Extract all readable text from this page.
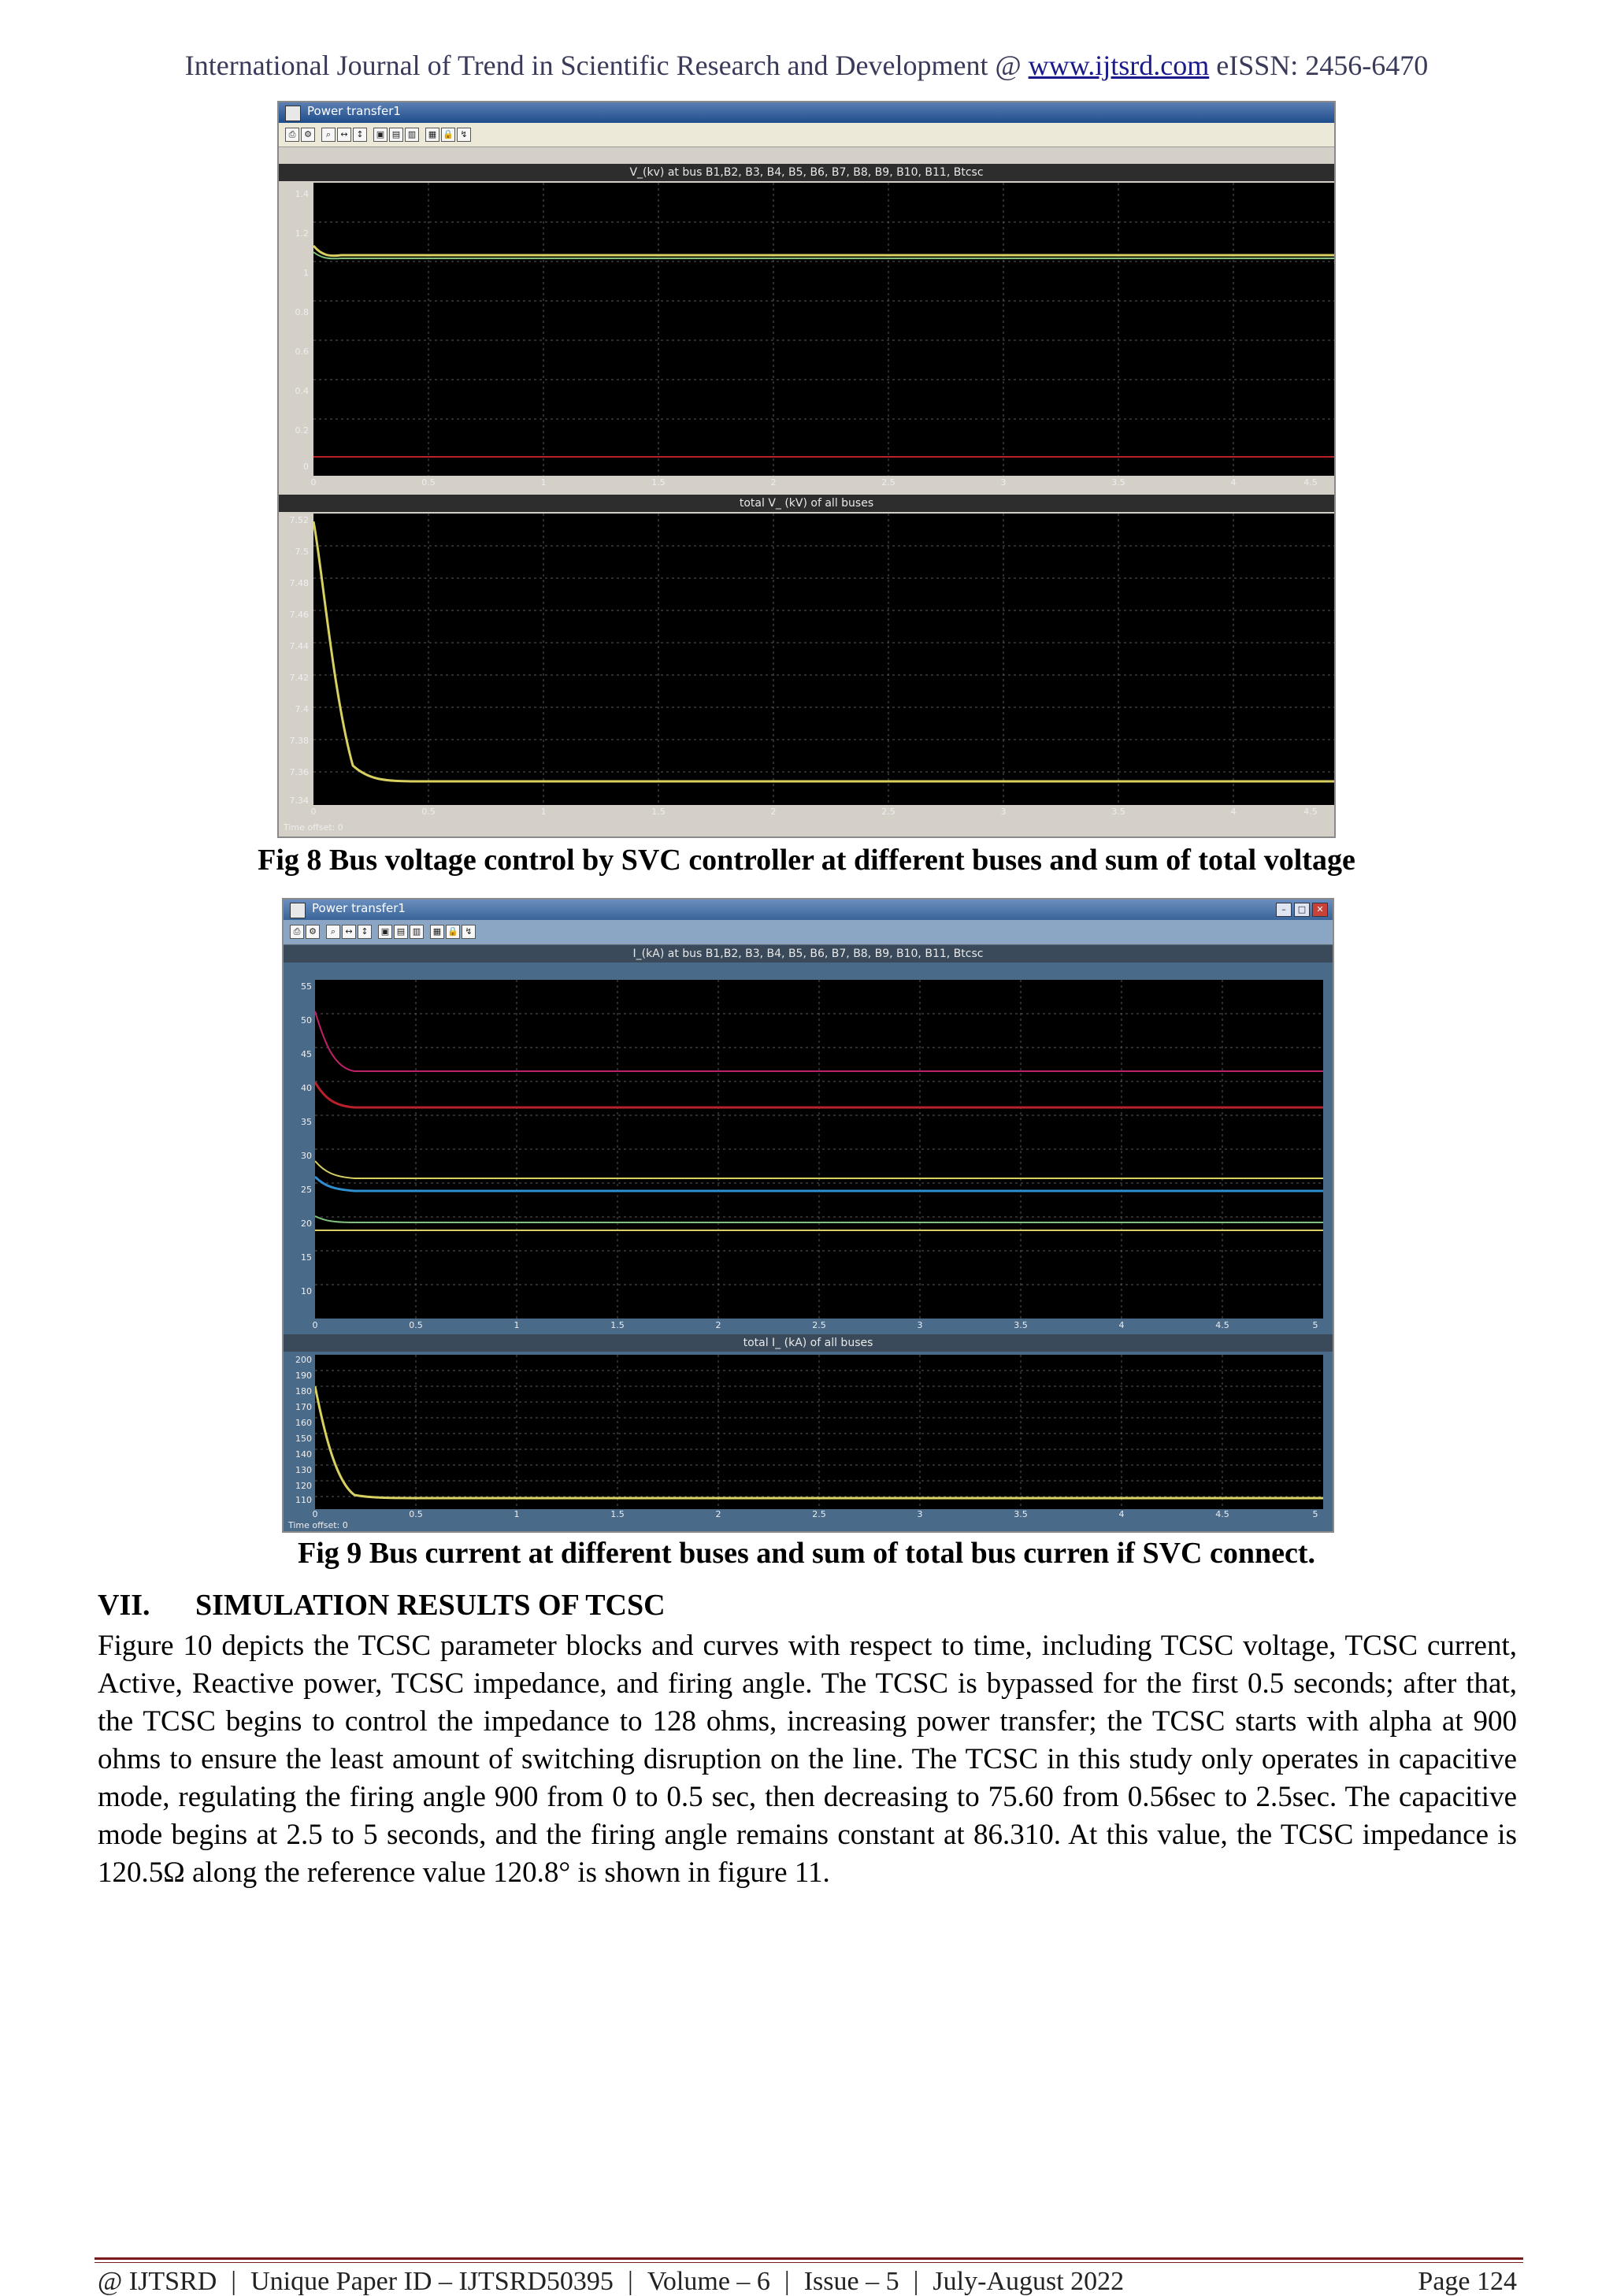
International Journal of Trend in Scientific Research and Development @ www.ijtsrd.com eISSN: 2456-6470
Power transfer1
⎙ ⚙	⌕	↔ ↕	▣ ▤ ▥	▦ 🔒 ↯
V_(kv) at bus B1,B2, B3, B4, B5, B6, B7, B8, B9, B10, B11, Btcsc
1.4
1.2
1
0.8
0.6
0.4
0.2
0
0	0.5	1	1.5	2	2.5	3	3.5	4	4.5
total V_ (kV) of all buses
7.52
7.5
7.48
7.46
7.44
7.42
7.4
7.38
7.36
7.34
0	0.5	1	1.5	2	2.5	3	3.5	4	4.5
Time offset: 0
Fig 8 Bus voltage control by SVC controller at different buses and sum of total voltage
Power transfer1	– □ ✕
⎙ ⚙	⌕	↔ ↕	▣ ▤ ▥	▦ 🔒 ↯
I_(kA) at bus B1,B2, B3, B4, B5, B6, B7, B8, B9, B10, B11, Btcsc
55
50
45
40
35
30
25
20
15
10
0	0.5	1	1.5	2	2.5	3	3.5	4	4.5	5
total I_ (kA) of all buses
200
190
180
170
160
150
140
130
120
110
0	0.5	1	1.5	2	2.5	3	3.5	4	4.5	5
Time offset: 0
Fig 9 Bus current at different buses and sum of total bus curren if SVC connect.
VII. SIMULATION RESULTS OF TCSC
Figure 10 depicts the TCSC parameter blocks and curves with respect to time, including TCSC voltage, TCSC current, Active, Reactive power, TCSC impedance, and firing angle. The TCSC is bypassed for the first 0.5 seconds; after that, the TCSC begins to control the impedance to 128 ohms, increasing power transfer; the TCSC starts with alpha at 900 ohms to ensure the least amount of switching disruption on the line. The TCSC in this study only operates in capacitive mode, regulating the firing angle 900 from 0 to 0.5 sec, then decreasing to 75.60 from 0.56sec to 2.5sec. The capacitive mode begins at 2.5 to 5 seconds, and the firing angle remains constant at 86.310. At this value, the TCSC impedance is 120.5Ω along the reference value 120.8° is shown in figure 11.
@ IJTSRD | Unique Paper ID – IJTSRD50395 | Volume – 6 | Issue – 5 | July-August 2022	Page 124
